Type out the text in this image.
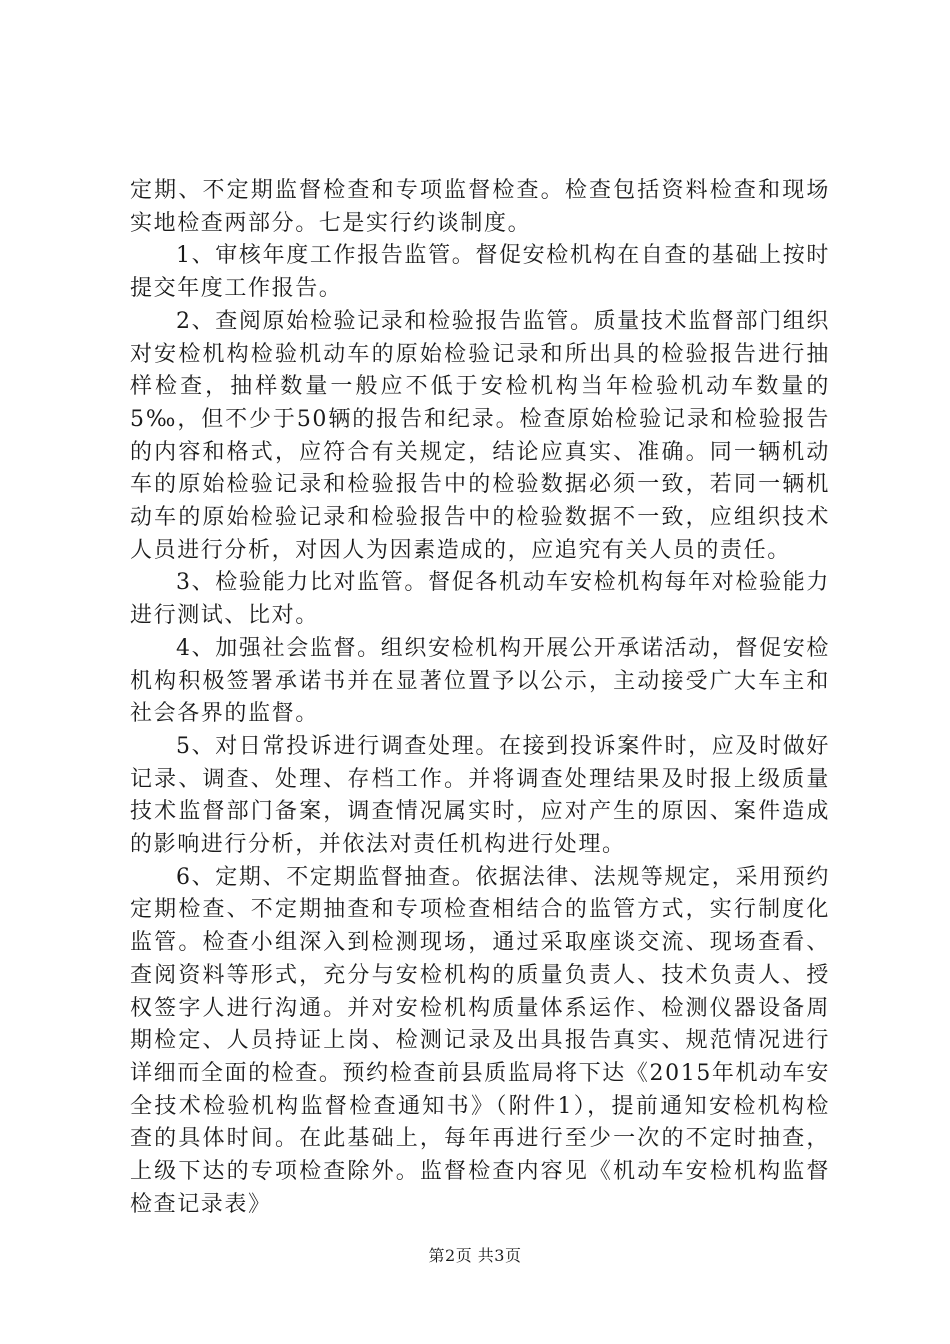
定期、不定期监督检查和专项监督检查。检查包括资料检查和现场实地检查两部分。七是实行约谈制度。

1、审核年度工作报告监管。督促安检机构在自查的基础上按时提交年度工作报告。

2、查阅原始检验记录和检验报告监管。质量技术监督部门组织对安检机构检验机动车的原始检验记录和所出具的检验报告进行抽样检查，抽样数量一般应不低于安检机构当年检验机动车数量的5‰，但不少于50辆的报告和纪录。检查原始检验记录和检验报告的内容和格式，应符合有关规定，结论应真实、准确。同一辆机动车的原始检验记录和检验报告中的检验数据必须一致，若同一辆机动车的原始检验记录和检验报告中的检验数据不一致，应组织技术人员进行分析，对因人为因素造成的，应追究有关人员的责任。

3、检验能力比对监管。督促各机动车安检机构每年对检验能力进行测试、比对。

4、加强社会监督。组织安检机构开展公开承诺活动，督促安检机构积极签署承诺书并在显著位置予以公示，主动接受广大车主和社会各界的监督。

5、对日常投诉进行调查处理。在接到投诉案件时，应及时做好记录、调查、处理、存档工作。并将调查处理结果及时报上级质量技术监督部门备案，调查情况属实时，应对产生的原因、案件造成的影响进行分析，并依法对责任机构进行处理。

6、定期、不定期监督抽查。依据法律、法规等规定，采用预约定期检查、不定期抽查和专项检查相结合的监管方式，实行制度化监管。检查小组深入到检测现场，通过采取座谈交流、现场查看、查阅资料等形式，充分与安检机构的质量负责人、技术负责人、授权签字人进行沟通。并对安检机构质量体系运作、检测仪器设备周期检定、人员持证上岗、检测记录及出具报告真实、规范情况进行详细而全面的检查。预约检查前县质监局将下达《2015年机动车安全技术检验机构监督检查通知书》（附件1），提前通知安检机构检查的具体时间。在此基础上，每年再进行至少一次的不定时抽查，上级下达的专项检查除外。监督检查内容见《机动车安检机构监督检查记录表》

第2页 共3页
